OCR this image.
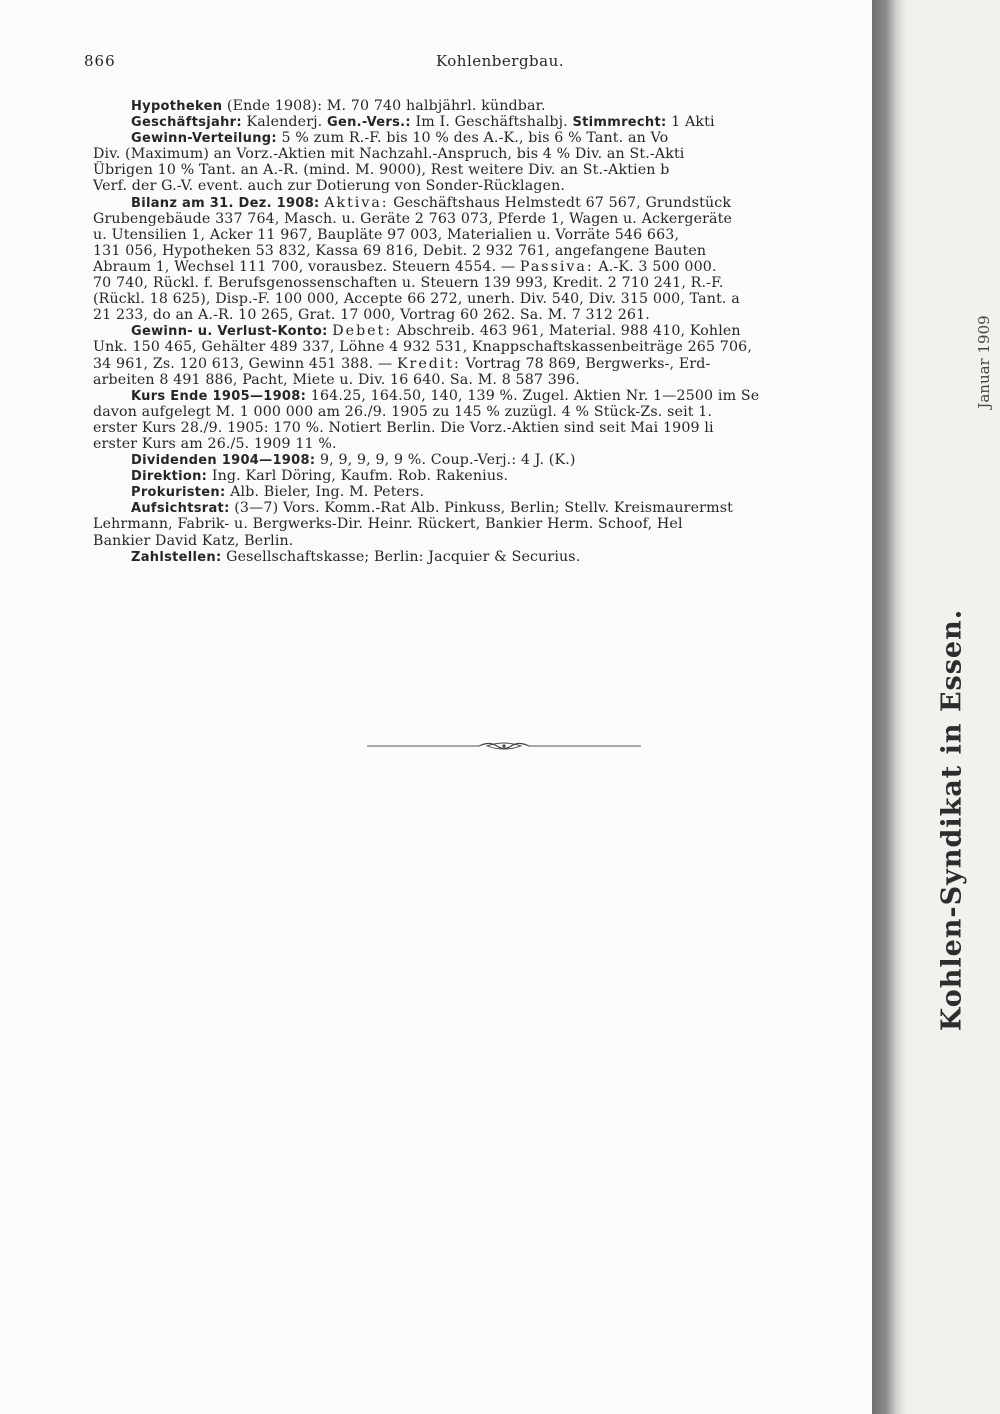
866	Kohlenbergbau.
Hypotheken (Ende 1908): M. 70 740 halbjährl. kündbar.
Geschäftsjahr: Kalenderj. Gen.-Vers.: Im I. Geschäftshalbj. Stimmrecht: 1 Akti
Gewinn-Verteilung: 5 % zum R.-F. bis 10 % des A.-K., bis 6 % Tant. an Vo
Div. (Maximum) an Vorz.-Aktien mit Nachzahl.-Anspruch, bis 4 % Div. an St.-Akti
Übrigen 10 % Tant. an A.-R. (mind. M. 9000), Rest weitere Div. an St.-Aktien b
Verf. der G.-V. event. auch zur Dotierung von Sonder-Rücklagen.
Bilanz am 31. Dez. 1908: Aktiva: Geschäftshaus Helmstedt 67 567, Grundstück
Grubengebäude 337 764, Masch. u. Geräte 2 763 073, Pferde 1, Wagen u. Ackergeräte
u. Utensilien 1, Acker 11 967, Baupläte 97 003, Materialien u. Vorräte 546 663,
131 056, Hypotheken 53 832, Kassa 69 816, Debit. 2 932 761, angefangene Bauten
Abraum 1, Wechsel 111 700, vorausbez. Steuern 4554. — Passiva: A.-K. 3 500 000.
70 740, Rückl. f. Berufsgenossenschaften u. Steuern 139 993, Kredit. 2 710 241, R.-F.
(Rückl. 18 625), Disp.-F. 100 000, Accepte 66 272, unerh. Div. 540, Div. 315 000, Tant. a
21 233, do an A.-R. 10 265, Grat. 17 000, Vortrag 60 262. Sa. M. 7 312 261.
Gewinn- u. Verlust-Konto: Debet: Abschreib. 463 961, Material. 988 410, Kohlen
Unk. 150 465, Gehälter 489 337, Löhne 4 932 531, Knappschaftskassenbeiträge 265 706,
34 961, Zs. 120 613, Gewinn 451 388. — Kredit: Vortrag 78 869, Bergwerks-, Erd-
arbeiten 8 491 886, Pacht, Miete u. Div. 16 640. Sa. M. 8 587 396.
Kurs Ende 1905—1908: 164.25, 164.50, 140, 139 %. Zugel. Aktien Nr. 1—2500 im Se
davon aufgelegt M. 1 000 000 am 26./9. 1905 zu 145 % zuzügl. 4 % Stück-Zs. seit 1.
erster Kurs 28./9. 1905: 170 %. Notiert Berlin. Die Vorz.-Aktien sind seit Mai 1909 li
erster Kurs am 26./5. 1909 11 %.
Dividenden 1904—1908: 9, 9, 9, 9, 9 %. Coup.-Verj.: 4 J. (K.)
Direktion: Ing. Karl Döring, Kaufm. Rob. Rakenius.
Prokuristen: Alb. Bieler, Ing. M. Peters.
Aufsichtsrat: (3—7) Vors. Komm.-Rat Alb. Pinkuss, Berlin; Stellv. Kreismaurermst
Lehrmann, Fabrik- u. Bergwerks-Dir. Heinr. Rückert, Bankier Herm. Schoof, Hel
Bankier David Katz, Berlin.
Zahlstellen: Gesellschaftskasse; Berlin: Jacquier & Securius.
Kohlen-Syndikat in Essen.
Januar 1909
